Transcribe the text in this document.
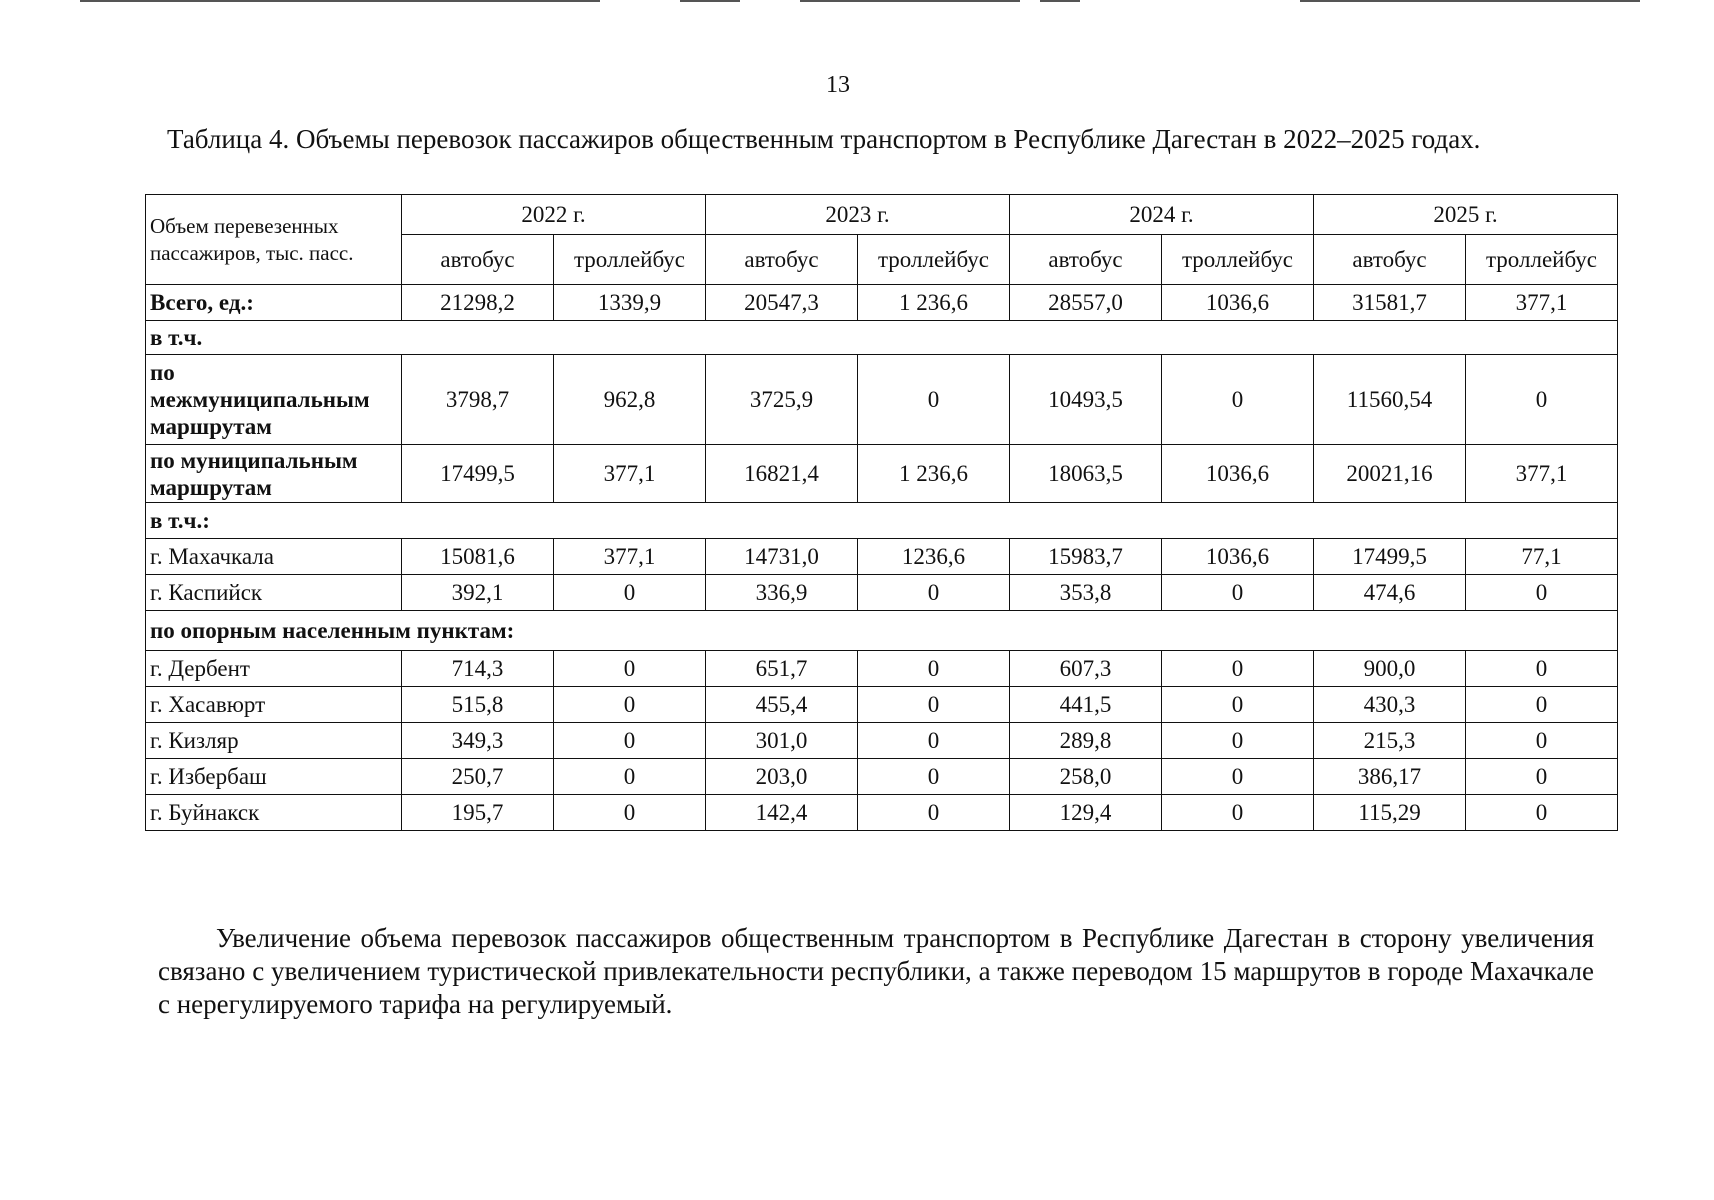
13
Таблица 4. Объемы перевозок пассажиров общественным транспортом в Республике Дагестан в 2022–2025 годах.
Объем перевезенных пассажиров, тыс. пасс.	2022 г.		2023 г.		2024 г.		2025 г.	
	автобус	троллейбус	автобус	троллейбус	автобус	троллейбус	автобус	троллейбус
Всего, ед.:	21298,2	1339,9	20547,3	1 236,6	28557,0	1036,6	31581,7	377,1
в т.ч.								
по межмуниципальным маршрутам	3798,7	962,8	3725,9	0	10493,5	0	11560,54	0
по муниципальным маршрутам	17499,5	377,1	16821,4	1 236,6	18063,5	1036,6	20021,16	377,1
в т.ч.:								
г. Махачкала	15081,6	377,1	14731,0	1236,6	15983,7	1036,6	17499,5	77,1
г. Каспийск	392,1	0	336,9	0	353,8	0	474,6	0
по опорным населенным пунктам:								
г. Дербент	714,3	0	651,7	0	607,3	0	900,0	0
г. Хасавюрт	515,8	0	455,4	0	441,5	0	430,3	0
г. Кизляр	349,3	0	301,0	0	289,8	0	215,3	0
г. Избербаш	250,7	0	203,0	0	258,0	0	386,17	0
г. Буйнакск	195,7	0	142,4	0	129,4	0	115,29	0
Увеличение объема перевозок пассажиров общественным транспортом в Республике Дагестан в сторону увеличения связано с увеличением туристической привлекательности республики, а также переводом 15 маршрутов в городе Махачкале с нерегулируемого тарифа на регулируемый.
